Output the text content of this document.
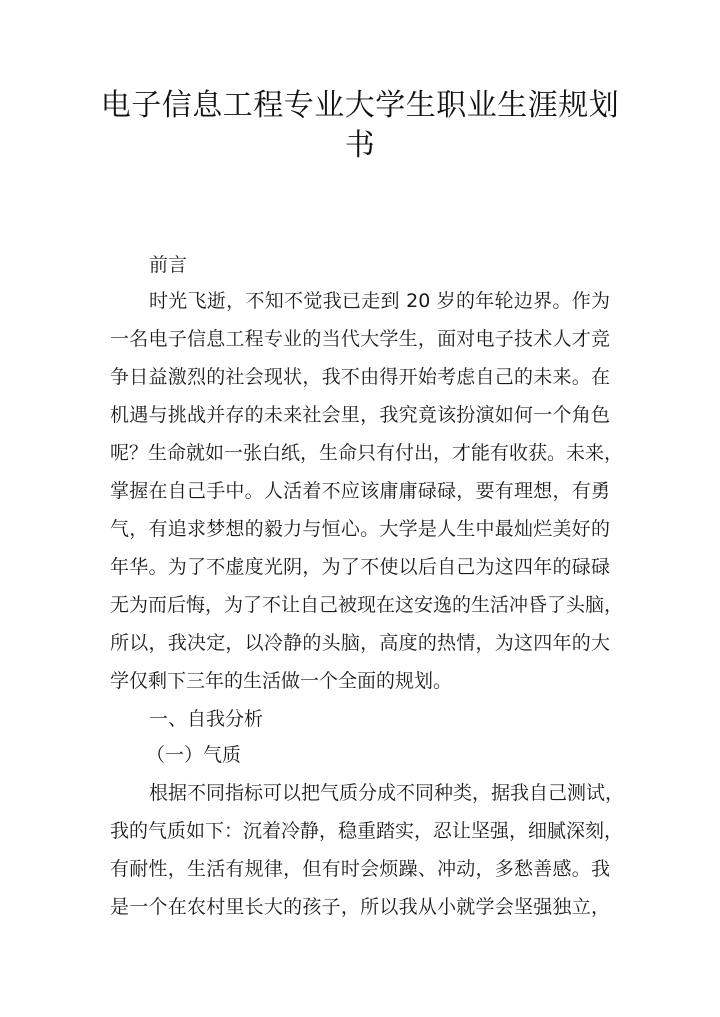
电子信息工程专业大学生职业生涯规划
书
前言
时光飞逝，不知不觉我已走到 20 岁的年轮边界。作为
一名电子信息工程专业的当代大学生，面对电子技术人才竞
争日益激烈的社会现状，我不由得开始考虑自己的未来。在
机遇与挑战并存的未来社会里，我究竟该扮演如何一个角色
呢？生命就如一张白纸，生命只有付出，才能有收获。未来，
掌握在自己手中。人活着不应该庸庸碌碌，要有理想，有勇
气，有追求梦想的毅力与恒心。大学是人生中最灿烂美好的
年华。为了不虚度光阴，为了不使以后自己为这四年的碌碌
无为而后悔，为了不让自己被现在这安逸的生活冲昏了头脑，
所以，我决定，以冷静的头脑，高度的热情，为这四年的大
学仅剩下三年的生活做一个全面的规划。
一、自我分析
（一）气质
根据不同指标可以把气质分成不同种类，据我自己测试，
我的气质如下：沉着冷静，稳重踏实，忍让坚强，细腻深刻，
有耐性，生活有规律，但有时会烦躁、冲动，多愁善感。我
是一个在农村里长大的孩子，所以我从小就学会坚强独立，
